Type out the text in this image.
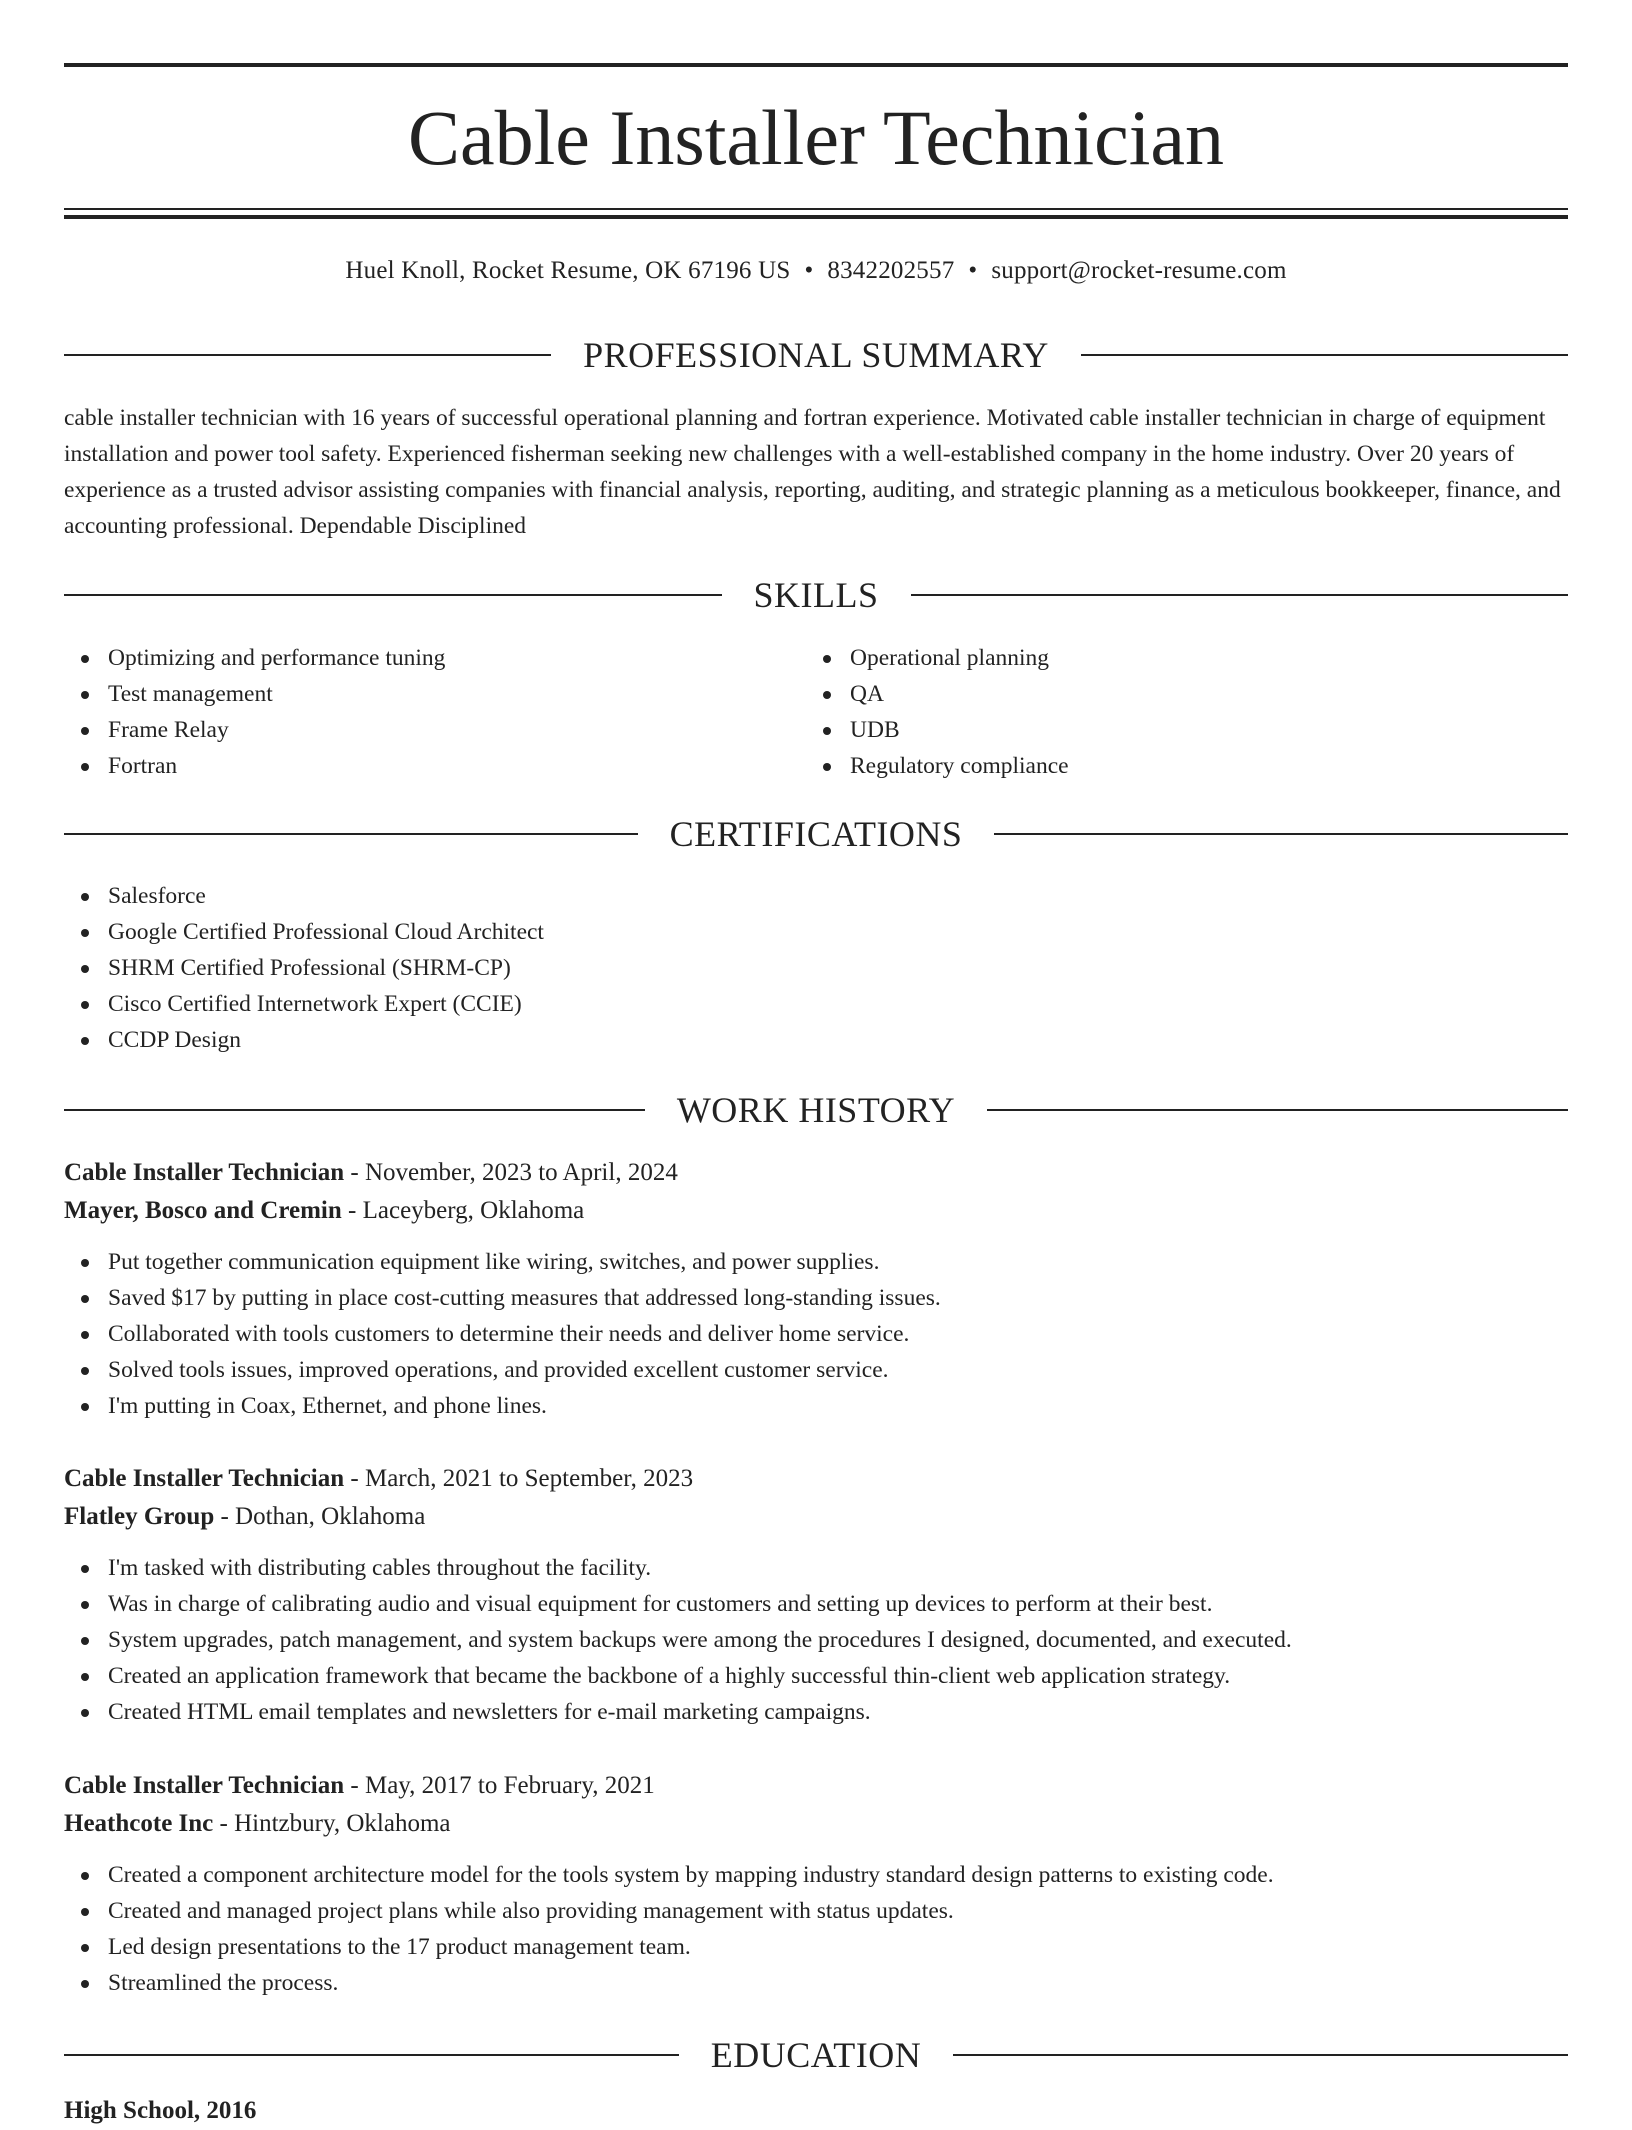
Cable Installer Technician
Huel Knoll, Rocket Resume, OK 67196 US • 8342202557 • support@rocket-resume.com
PROFESSIONAL SUMMARY
cable installer technician with 16 years of successful operational planning and fortran experience. Motivated cable installer technician in charge of equipment installation and power tool safety. Experienced fisherman seeking new challenges with a well-established company in the home industry. Over 20 years of experience as a trusted advisor assisting companies with financial analysis, reporting, auditing, and strategic planning as a meticulous bookkeeper, finance, and accounting professional. Dependable Disciplined
SKILLS
Optimizing and performance tuning
Test management
Frame Relay
Fortran
Operational planning
QA
UDB
Regulatory compliance
CERTIFICATIONS
Salesforce
Google Certified Professional Cloud Architect
SHRM Certified Professional (SHRM-CP)
Cisco Certified Internetwork Expert (CCIE)
CCDP Design
WORK HISTORY
Cable Installer Technician - November, 2023 to April, 2024
Mayer, Bosco and Cremin - Laceyberg, Oklahoma
Put together communication equipment like wiring, switches, and power supplies.
Saved $17 by putting in place cost-cutting measures that addressed long-standing issues.
Collaborated with tools customers to determine their needs and deliver home service.
Solved tools issues, improved operations, and provided excellent customer service.
I'm putting in Coax, Ethernet, and phone lines.
Cable Installer Technician - March, 2021 to September, 2023
Flatley Group - Dothan, Oklahoma
I'm tasked with distributing cables throughout the facility.
Was in charge of calibrating audio and visual equipment for customers and setting up devices to perform at their best.
System upgrades, patch management, and system backups were among the procedures I designed, documented, and executed.
Created an application framework that became the backbone of a highly successful thin-client web application strategy.
Created HTML email templates and newsletters for e-mail marketing campaigns.
Cable Installer Technician - May, 2017 to February, 2021
Heathcote Inc - Hintzbury, Oklahoma
Created a component architecture model for the tools system by mapping industry standard design patterns to existing code.
Created and managed project plans while also providing management with status updates.
Led design presentations to the 17 product management team.
Streamlined the process.
EDUCATION
High School, 2016
